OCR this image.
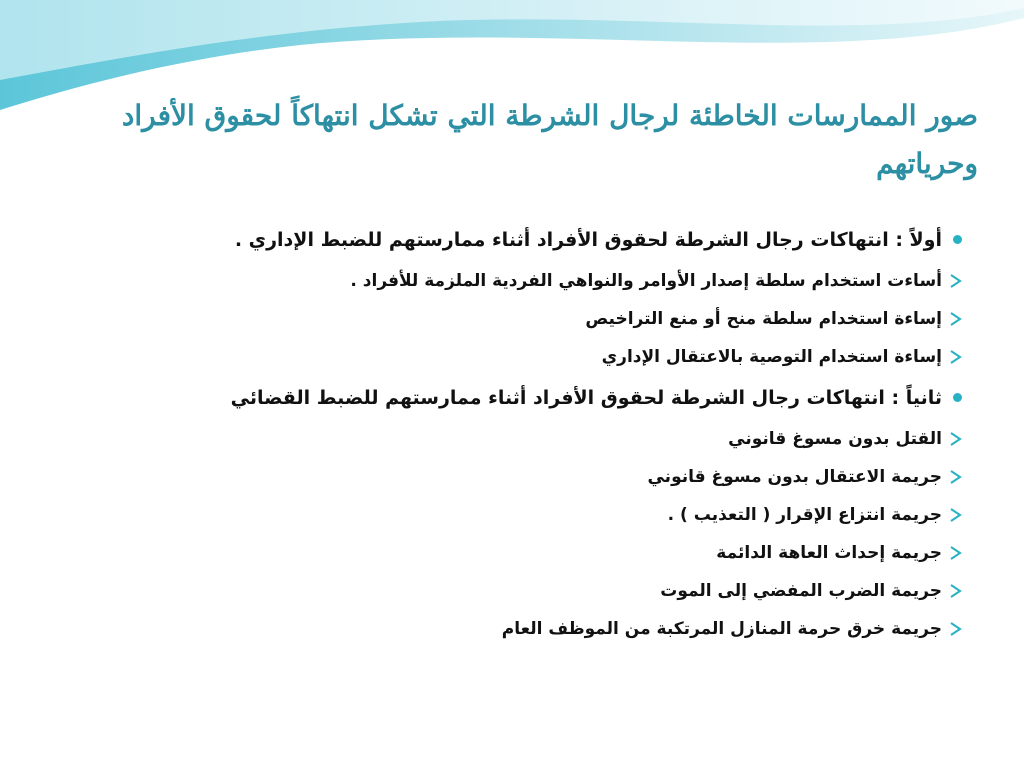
صور الممارسات الخاطئة لرجال الشرطة التي تشكل انتهاكاً لحقوق الأفراد وحرياتهم
أولاً : انتهاكات رجال الشرطة لحقوق الأفراد أثناء ممارستهم للضبط الإداري .
أساءت استخدام سلطة إصدار الأوامر والنواهي الفردية الملزمة للأفراد .
إساءة استخدام سلطة منح أو منع التراخيص
إساءة استخدام التوصية بالاعتقال الإداري
ثانياً : انتهاكات رجال الشرطة لحقوق الأفراد أثناء ممارستهم للضبط القضائي
القتل بدون مسوغ قانوني
جريمة الاعتقال بدون مسوغ قانوني
جريمة انتزاع الإقرار ( التعذيب ) .
جريمة إحداث العاهة الدائمة
جريمة الضرب المفضي إلى الموت
جريمة خرق حرمة المنازل المرتكبة من الموظف العام
